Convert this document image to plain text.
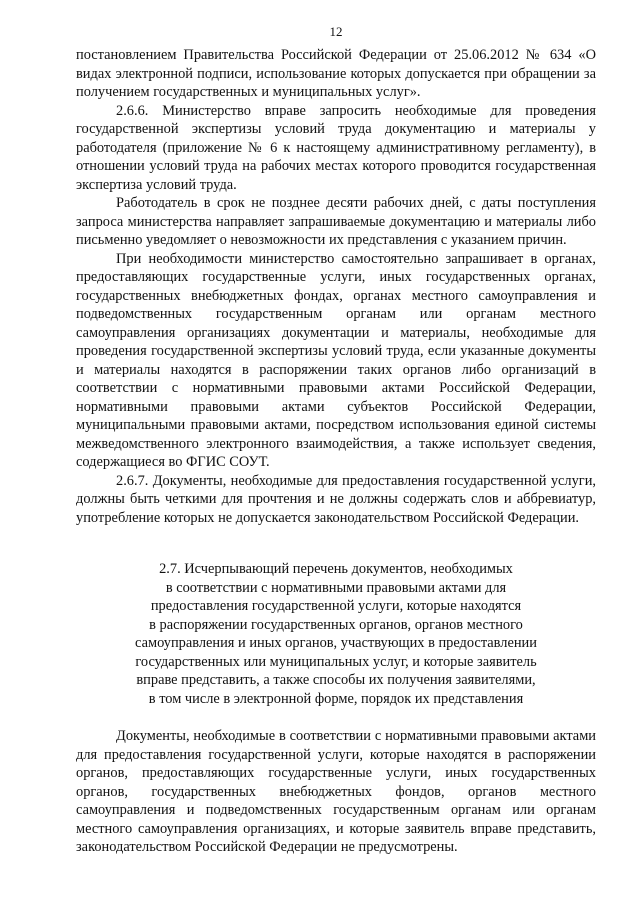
12

постановлением Правительства Российской Федерации от 25.06.2012 № 634 «О видах электронной подписи, использование которых допускается при обращении за получением государственных и муниципальных услуг».

2.6.6. Министерство вправе запросить необходимые для проведения государственной экспертизы условий труда документацию и материалы у работодателя (приложение № 6 к настоящему административному регламенту), в отношении условий труда на рабочих местах которого проводится государственная экспертиза условий труда.

Работодатель в срок не позднее десяти рабочих дней, с даты поступления запроса министерства направляет запрашиваемые документацию и материалы либо письменно уведомляет о невозможности их представления с указанием причин.

При необходимости министерство самостоятельно запрашивает в органах, предоставляющих государственные услуги, иных государственных органах, государственных внебюджетных фондах, органах местного самоуправления и подведомственных государственным органам или органам местного самоуправления организациях документации и материалы, необходимые для проведения государственной экспертизы условий труда, если указанные документы и материалы находятся в распоряжении таких органов либо организаций в соответствии с нормативными правовыми актами Российской Федерации, нормативными правовыми актами субъектов Российской Федерации, муниципальными правовыми актами, посредством использования единой системы межведомственного электронного взаимодействия, а также использует сведения, содержащиеся во ФГИС СОУТ.

2.6.7. Документы, необходимые для предоставления государственной услуги, должны быть четкими для прочтения и не должны содержать слов и аббревиатур, употребление которых не допускается законодательством Российской Федерации.

2.7. Исчерпывающий перечень документов, необходимых
в соответствии с нормативными правовыми актами для
предоставления государственной услуги, которые находятся
в распоряжении государственных органов, органов местного
самоуправления и иных органов, участвующих в предоставлении
государственных или муниципальных услуг, и которые заявитель
вправе представить, а также способы их получения заявителями,
в том числе в электронной форме, порядок их представления

Документы, необходимые в соответствии с нормативными правовыми актами для предоставления государственной услуги, которые находятся в распоряжении органов, предоставляющих государственные услуги, иных государственных органов, государственных внебюджетных фондов, органов местного самоуправления и подведомственных государственным органам или органам местного самоуправления организациях, и которые заявитель вправе представить, законодательством Российской Федерации не предусмотрены.
